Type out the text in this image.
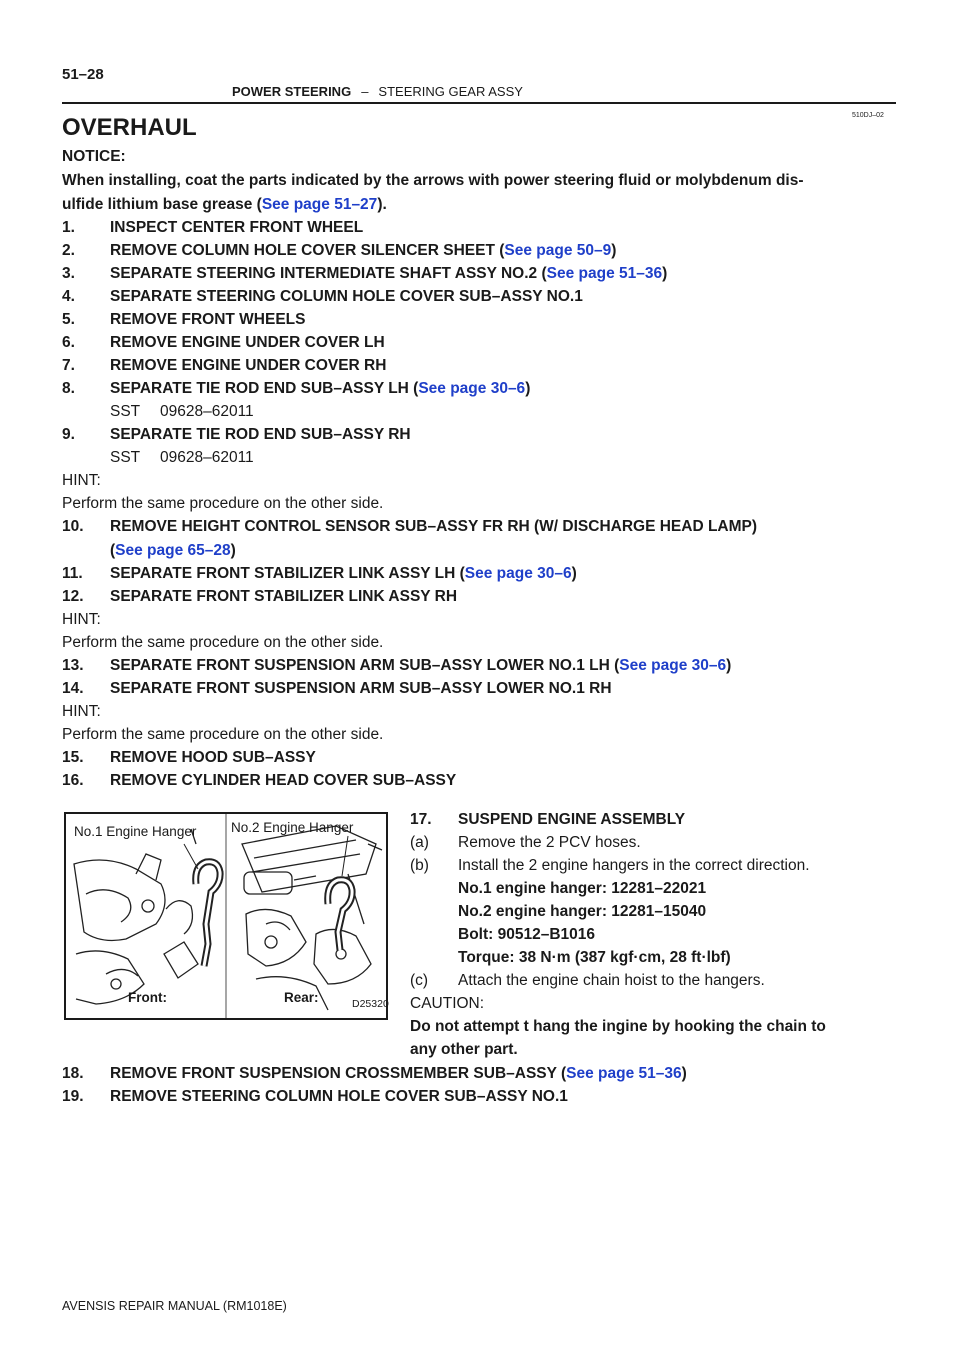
51–28
POWER STEERING – STEERING GEAR ASSY
510DJ–02
OVERHAUL
NOTICE:
When installing, coat the parts indicated by the arrows with power steering fluid or molybdenum dis-
ulfide lithium base grease (See page 51–27).
1. INSPECT CENTER FRONT WHEEL
2. REMOVE COLUMN HOLE COVER SILENCER SHEET (See page 50–9)
3. SEPARATE STEERING INTERMEDIATE SHAFT ASSY NO.2 (See page 51–36)
4. SEPARATE STEERING COLUMN HOLE COVER SUB–ASSY NO.1
5. REMOVE FRONT WHEELS
6. REMOVE ENGINE UNDER COVER LH
7. REMOVE ENGINE UNDER COVER RH
8. SEPARATE TIE ROD END SUB–ASSY LH (See page 30–6)
SST 09628–62011
9. SEPARATE TIE ROD END SUB–ASSY RH
SST 09628–62011
HINT:
Perform the same procedure on the other side.
10. REMOVE HEIGHT CONTROL SENSOR SUB–ASSY FR RH (W/ DISCHARGE HEAD LAMP)
(See page 65–28)
11. SEPARATE FRONT STABILIZER LINK ASSY LH (See page 30–6)
12. SEPARATE FRONT STABILIZER LINK ASSY RH
HINT:
Perform the same procedure on the other side.
13. SEPARATE FRONT SUSPENSION ARM SUB–ASSY LOWER NO.1 LH (See page 30–6)
14. SEPARATE FRONT SUSPENSION ARM SUB–ASSY LOWER NO.1 RH
HINT:
Perform the same procedure on the other side.
15. REMOVE HOOD SUB–ASSY
16. REMOVE CYLINDER HEAD COVER SUB–ASSY
No.1 Engine Hanger	No.2 Engine Hanger
Front:	Rear:	D25320
17. SUSPEND ENGINE ASSEMBLY
(a) Remove the 2 PCV hoses.
(b) Install the 2 engine hangers in the correct direction.
No.1 engine hanger: 12281–22021
No.2 engine hanger: 12281–15040
Bolt: 90512–B1016
Torque: 38 N·m (387 kgf·cm, 28 ft·lbf)
(c) Attach the engine chain hoist to the hangers.
CAUTION:
Do not attempt t hang the ingine by hooking the chain to
any other part.
18. REMOVE FRONT SUSPENSION CROSSMEMBER SUB–ASSY (See page 51–36)
19. REMOVE STEERING COLUMN HOLE COVER SUB–ASSY NO.1
AVENSIS REPAIR MANUAL (RM1018E)
